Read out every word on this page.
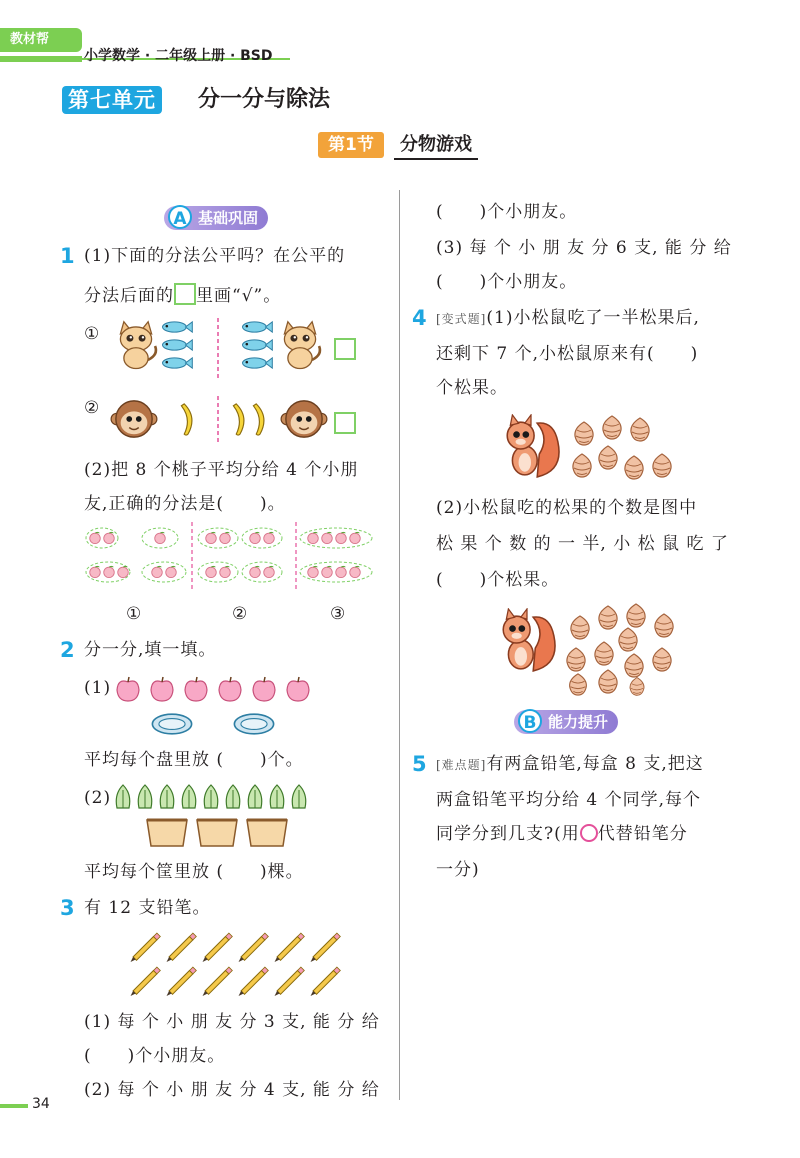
教材帮
小学数学 · 二年级上册 · BSD
第七单元 分一分与除法
第1节	分物游戏
A 基础巩固
1 (1)下面的分法公平吗？在公平的
分法后面的 里画“√”。
①
②
(2)把 8 个桃子平均分给 4 个小朋
友,正确的分法是(　　)。
①	②	③
2 分一分,填一填。
(1)
平均每个盘里放 (　　)个。
(2)
平均每个筐里放 (　　)棵。
3 有 12 支铅笔。
(1) 每 个 小 朋 友 分 3 支, 能 分 给
(　　)个小朋友。
(2) 每 个 小 朋 友 分 4 支, 能 分 给
(　　)个小朋友。
(3) 每 个 小 朋 友 分 6 支, 能 分 给
(　　)个小朋友。
4 [变式题](1)小松鼠吃了一半松果后,
还剩下 7 个,小松鼠原来有(　　)
个松果。
(2)小松鼠吃的松果的个数是图中
松 果 个 数 的 一 半, 小 松 鼠 吃 了
(　　)个松果。
B 能力提升
5 [难点题]有两盒铅笔,每盒 8 支,把这
两盒铅笔平均分给 4 个同学,每个
同学分到几支?(用 代替铅笔分
一分)
34
